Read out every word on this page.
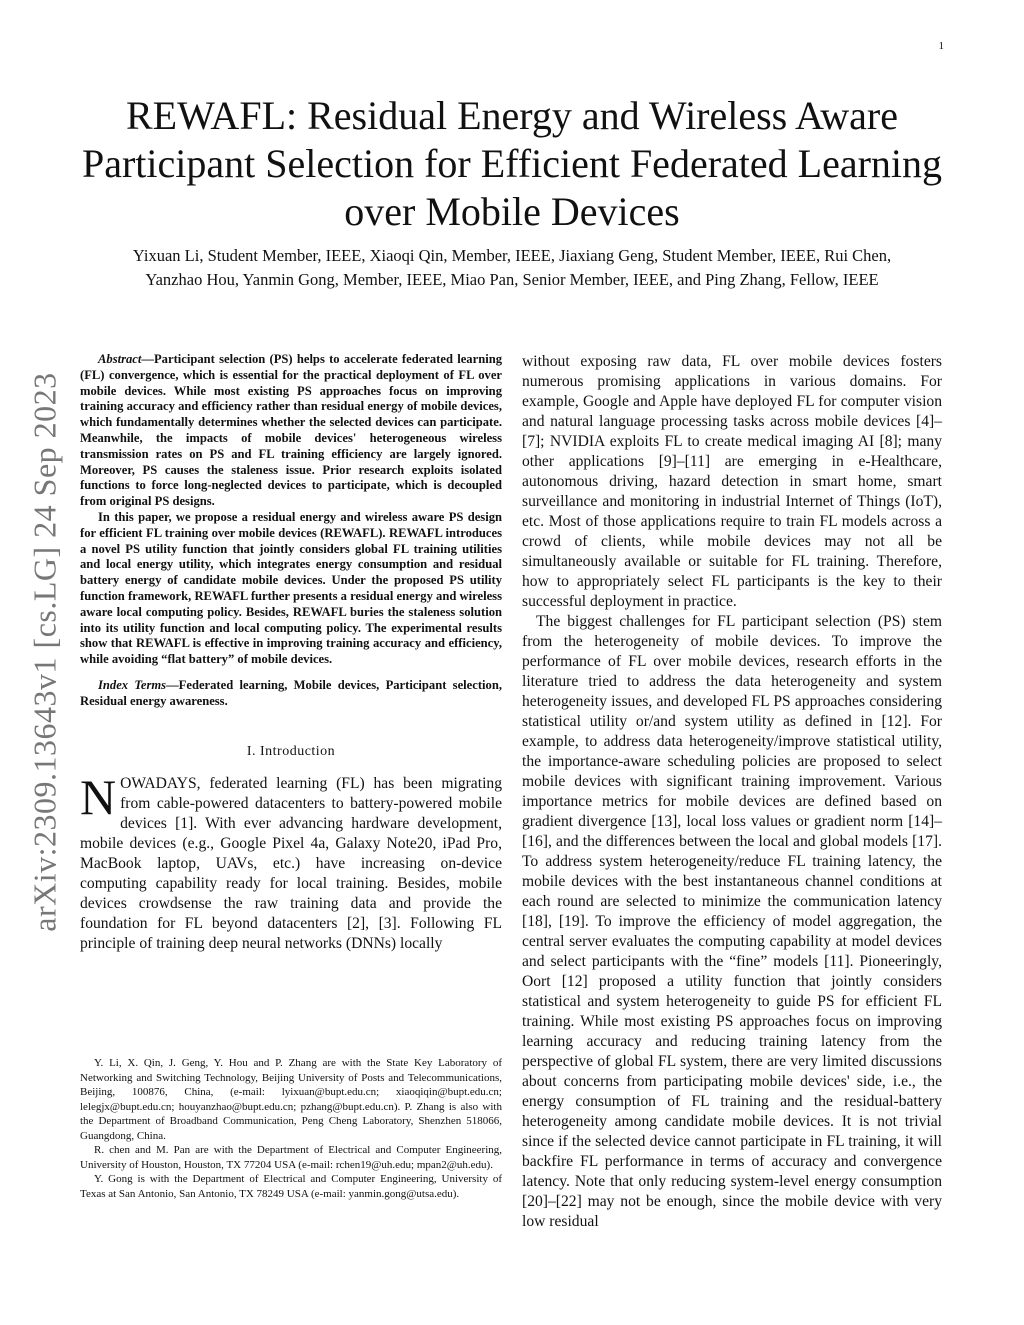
1
arXiv:2309.13643v1 [cs.LG] 24 Sep 2023
REWAFL: Residual Energy and Wireless Aware Participant Selection for Efficient Federated Learning over Mobile Devices
Yixuan Li, Student Member, IEEE, Xiaoqi Qin, Member, IEEE, Jiaxiang Geng, Student Member, IEEE, Rui Chen,
Yanzhao Hou, Yanmin Gong, Member, IEEE, Miao Pan, Senior Member, IEEE, and Ping Zhang, Fellow, IEEE

Abstract—Participant selection (PS) helps to accelerate federated learning (FL) convergence, which is essential for the practical deployment of FL over mobile devices. While most existing PS approaches focus on improving training accuracy and efficiency rather than residual energy of mobile devices, which fundamentally determines whether the selected devices can participate. Meanwhile, the impacts of mobile devices' heterogeneous wireless transmission rates on PS and FL training efficiency are largely ignored. Moreover, PS causes the staleness issue. Prior research exploits isolated functions to force long-neglected devices to participate, which is decoupled from original PS designs.

In this paper, we propose a residual energy and wireless aware PS design for efficient FL training over mobile devices (REWAFL). REWAFL introduces a novel PS utility function that jointly considers global FL training utilities and local energy utility, which integrates energy consumption and residual battery energy of candidate mobile devices. Under the proposed PS utility function framework, REWAFL further presents a residual energy and wireless aware local computing policy. Besides, REWAFL buries the staleness solution into its utility function and local computing policy. The experimental results show that REWAFL is effective in improving training accuracy and efficiency, while avoiding “flat battery” of mobile devices.

Index Terms—Federated learning, Mobile devices, Participant selection, Residual energy awareness.

I. Introduction

NOWADAYS, federated learning (FL) has been migrating from cable-powered datacenters to battery-powered mobile devices [1]. With ever advancing hardware development, mobile devices (e.g., Google Pixel 4a, Galaxy Note20, iPad Pro, MacBook laptop, UAVs, etc.) have increasing on-device computing capability ready for local training. Besides, mobile devices crowdsense the raw training data and provide the foundation for FL beyond datacenters [2], [3]. Following FL principle of training deep neural networks (DNNs) locally

Y. Li, X. Qin, J. Geng, Y. Hou and P. Zhang are with the State Key Laboratory of Networking and Switching Technology, Beijing University of Posts and Telecommunications, Beijing, 100876, China, (e-mail: lyixuan@bupt.edu.cn; xiaoqiqin@bupt.edu.cn; lelegjx@bupt.edu.cn; houyanzhao@bupt.edu.cn; pzhang@bupt.edu.cn). P. Zhang is also with the Department of Broadband Communication, Peng Cheng Laboratory, Shenzhen 518066, Guangdong, China.

R. chen and M. Pan are with the Department of Electrical and Computer Engineering, University of Houston, Houston, TX 77204 USA (e-mail: rchen19@uh.edu; mpan2@uh.edu).

Y. Gong is with the Department of Electrical and Computer Engineering, University of Texas at San Antonio, San Antonio, TX 78249 USA (e-mail: yanmin.gong@utsa.edu).

without exposing raw data, FL over mobile devices fosters numerous promising applications in various domains. For example, Google and Apple have deployed FL for computer vision and natural language processing tasks across mobile devices [4]–[7]; NVIDIA exploits FL to create medical imaging AI [8]; many other applications [9]–[11] are emerging in e-Healthcare, autonomous driving, hazard detection in smart home, smart surveillance and monitoring in industrial Internet of Things (IoT), etc. Most of those applications require to train FL models across a crowd of clients, while mobile devices may not all be simultaneously available or suitable for FL training. Therefore, how to appropriately select FL participants is the key to their successful deployment in practice.

The biggest challenges for FL participant selection (PS) stem from the heterogeneity of mobile devices. To improve the performance of FL over mobile devices, research efforts in the literature tried to address the data heterogeneity and system heterogeneity issues, and developed FL PS approaches considering statistical utility or/and system utility as defined in [12]. For example, to address data heterogeneity/improve statistical utility, the importance-aware scheduling policies are proposed to select mobile devices with significant training improvement. Various importance metrics for mobile devices are defined based on gradient divergence [13], local loss values or gradient norm [14]–[16], and the differences between the local and global models [17]. To address system heterogeneity/reduce FL training latency, the mobile devices with the best instantaneous channel conditions at each round are selected to minimize the communication latency [18], [19]. To improve the efficiency of model aggregation, the central server evaluates the computing capability at model devices and select participants with the “fine” models [11]. Pioneeringly, Oort [12] proposed a utility function that jointly considers statistical and system heterogeneity to guide PS for efficient FL training. While most existing PS approaches focus on improving learning accuracy and reducing training latency from the perspective of global FL system, there are very limited discussions about concerns from participating mobile devices' side, i.e., the energy consumption of FL training and the residual-battery heterogeneity among candidate mobile devices. It is not trivial since if the selected device cannot participate in FL training, it will backfire FL performance in terms of accuracy and convergence latency. Note that only reducing system-level energy consumption [20]–[22] may not be enough, since the mobile device with very low residual
